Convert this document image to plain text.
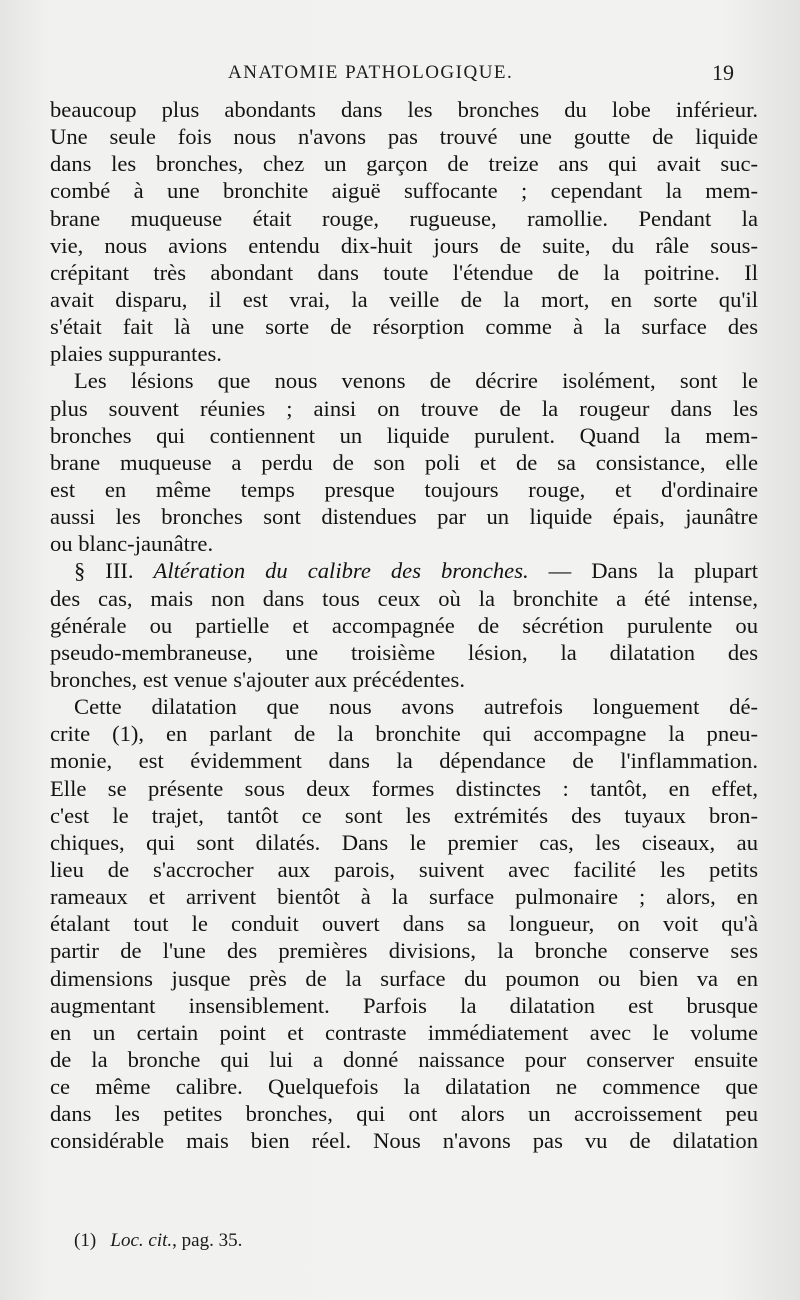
ANATOMIE PATHOLOGIQUE.	19
beaucoup plus abondants dans les bronches du lobe inférieur.
Une seule fois nous n'avons pas trouvé une goutte de liquide
dans les bronches, chez un garçon de treize ans qui avait suc-
combé à une bronchite aiguë suffocante ; cependant la mem-
brane muqueuse était rouge, rugueuse, ramollie. Pendant la
vie, nous avions entendu dix-huit jours de suite, du râle sous-
crépitant très abondant dans toute l'étendue de la poitrine. Il
avait disparu, il est vrai, la veille de la mort, en sorte qu'il
s'était fait là une sorte de résorption comme à la surface des
plaies suppurantes.
Les lésions que nous venons de décrire isolément, sont le
plus souvent réunies ; ainsi on trouve de la rougeur dans les
bronches qui contiennent un liquide purulent. Quand la mem-
brane muqueuse a perdu de son poli et de sa consistance, elle
est en même temps presque toujours rouge, et d'ordinaire
aussi les bronches sont distendues par un liquide épais, jaunâtre
ou blanc-jaunâtre.
§ III. Altération du calibre des bronches. — Dans la plupart
des cas, mais non dans tous ceux où la bronchite a été intense,
générale ou partielle et accompagnée de sécrétion purulente ou
pseudo-membraneuse, une troisième lésion, la dilatation des
bronches, est venue s'ajouter aux précédentes.
Cette dilatation que nous avons autrefois longuement dé-
crite (1), en parlant de la bronchite qui accompagne la pneu-
monie, est évidemment dans la dépendance de l'inflammation.
Elle se présente sous deux formes distinctes : tantôt, en effet,
c'est le trajet, tantôt ce sont les extrémités des tuyaux bron-
chiques, qui sont dilatés. Dans le premier cas, les ciseaux, au
lieu de s'accrocher aux parois, suivent avec facilité les petits
rameaux et arrivent bientôt à la surface pulmonaire ; alors, en
étalant tout le conduit ouvert dans sa longueur, on voit qu'à
partir de l'une des premières divisions, la bronche conserve ses
dimensions jusque près de la surface du poumon ou bien va en
augmentant insensiblement. Parfois la dilatation est brusque
en un certain point et contraste immédiatement avec le volume
de la bronche qui lui a donné naissance pour conserver ensuite
ce même calibre. Quelquefois la dilatation ne commence que
dans les petites bronches, qui ont alors un accroissement peu
considérable mais bien réel. Nous n'avons pas vu de dilatation
(1) Loc. cit., pag. 35.
